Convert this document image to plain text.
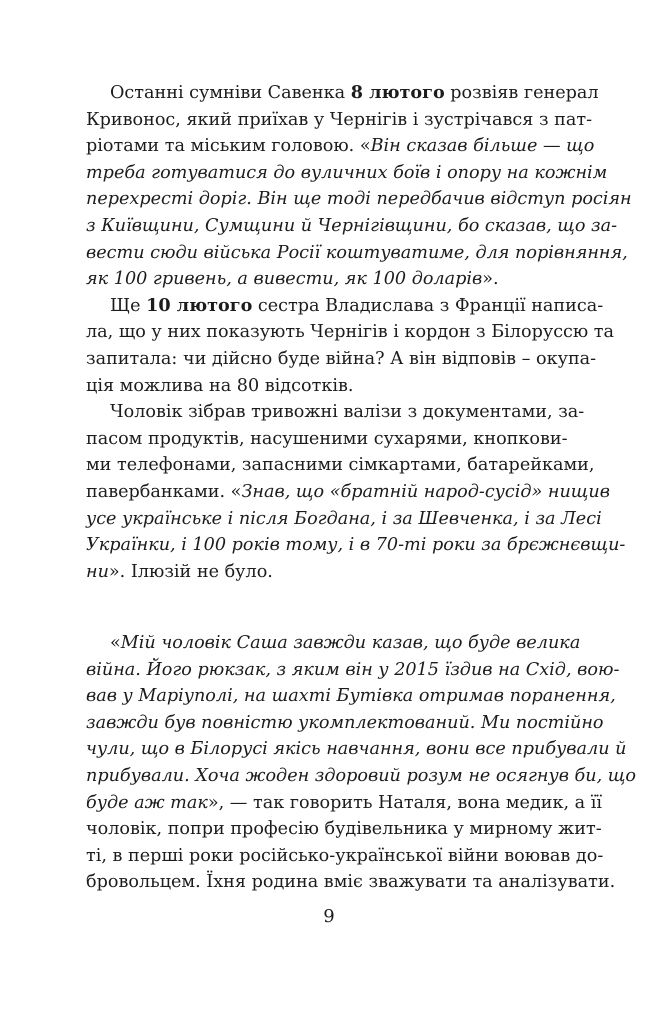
Останні сумніви Савенка 8 лютого розвіяв генерал
Кривонос, який приїхав у Чернігів і зустрічався з пат-
ріотами та міським головою. «Він сказав більше — що
треба готуватися до вуличних боїв і опору на кожнім
перехресті доріг. Він ще тоді передбачив відступ росіян
з Київщини, Сумщини й Чернігівщини, бо сказав, що за-
вести сюди війська Росії коштуватиме, для порівняння,
як 100 гривень, а вивести, як 100 доларів».
Ще 10 лютого сестра Владислава з Франції написа-
ла, що у них показують Чернігів і кордон з Білоруссю та
запитала: чи дійсно буде війна? А він відповів – окупа-
ція можлива на 80 відсотків.
Чоловік зібрав тривожні валізи з документами, за-
пасом продуктів, насушеними сухарями, кнопкови-
ми телефонами, запасними сімкартами, батарейками,
павербанками. «Знав, що «братній народ-сусід» нищив
усе українське і після Богдана, і за Шевченка, і за Лесі
Українки, і 100 років тому, і в 70-ті роки за брєжнєвщи-
ни». Ілюзій не було.
«Мій чоловік Саша завжди казав, що буде велика
війна. Його рюкзак, з яким він у 2015 їздив на Схід, вою-
вав у Маріуполі, на шахті Бутівка отримав поранення,
завжди був повністю укомплектований. Ми постійно
чули, що в Білорусі якісь навчання, вони все прибували й
прибували. Хоча жоден здоровий розум не осягнув би, що
буде аж так», — так говорить Наталя, вона медик, а її
чоловік, попри професію будівельника у мирному жит-
ті, в перші роки російсько-української війни воював до-
бровольцем. Їхня родина вміє зважувати та аналізувати.
9
